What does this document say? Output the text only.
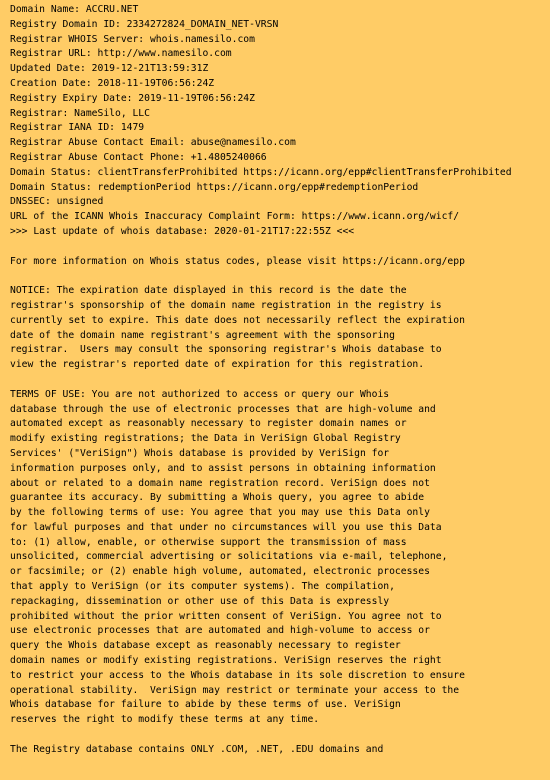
Domain Name: ACCRU.NET
Registry Domain ID: 2334272824_DOMAIN_NET-VRSN
Registrar WHOIS Server: whois.namesilo.com
Registrar URL: http://www.namesilo.com
Updated Date: 2019-12-21T13:59:31Z
Creation Date: 2018-11-19T06:56:24Z
Registry Expiry Date: 2019-11-19T06:56:24Z
Registrar: NameSilo, LLC
Registrar IANA ID: 1479
Registrar Abuse Contact Email: abuse@namesilo.com
Registrar Abuse Contact Phone: +1.4805240066
Domain Status: clientTransferProhibited https://icann.org/epp#clientTransferProhibited
Domain Status: redemptionPeriod https://icann.org/epp#redemptionPeriod
DNSSEC: unsigned
URL of the ICANN Whois Inaccuracy Complaint Form: https://www.icann.org/wicf/
>>> Last update of whois database: 2020-01-21T17:22:55Z <<<
For more information on Whois status codes, please visit https://icann.org/epp
NOTICE: The expiration date displayed in this record is the date the
registrar's sponsorship of the domain name registration in the registry is
currently set to expire. This date does not necessarily reflect the expiration
date of the domain name registrant's agreement with the sponsoring
registrar.  Users may consult the sponsoring registrar's Whois database to
view the registrar's reported date of expiration for this registration.
TERMS OF USE: You are not authorized to access or query our Whois
database through the use of electronic processes that are high-volume and
automated except as reasonably necessary to register domain names or
modify existing registrations; the Data in VeriSign Global Registry
Services' ("VeriSign") Whois database is provided by VeriSign for
information purposes only, and to assist persons in obtaining information
about or related to a domain name registration record. VeriSign does not
guarantee its accuracy. By submitting a Whois query, you agree to abide
by the following terms of use: You agree that you may use this Data only
for lawful purposes and that under no circumstances will you use this Data
to: (1) allow, enable, or otherwise support the transmission of mass
unsolicited, commercial advertising or solicitations via e-mail, telephone,
or facsimile; or (2) enable high volume, automated, electronic processes
that apply to VeriSign (or its computer systems). The compilation,
repackaging, dissemination or other use of this Data is expressly
prohibited without the prior written consent of VeriSign. You agree not to
use electronic processes that are automated and high-volume to access or
query the Whois database except as reasonably necessary to register
domain names or modify existing registrations. VeriSign reserves the right
to restrict your access to the Whois database in its sole discretion to ensure
operational stability.  VeriSign may restrict or terminate your access to the
Whois database for failure to abide by these terms of use. VeriSign
reserves the right to modify these terms at any time.
The Registry database contains ONLY .COM, .NET, .EDU domains and
